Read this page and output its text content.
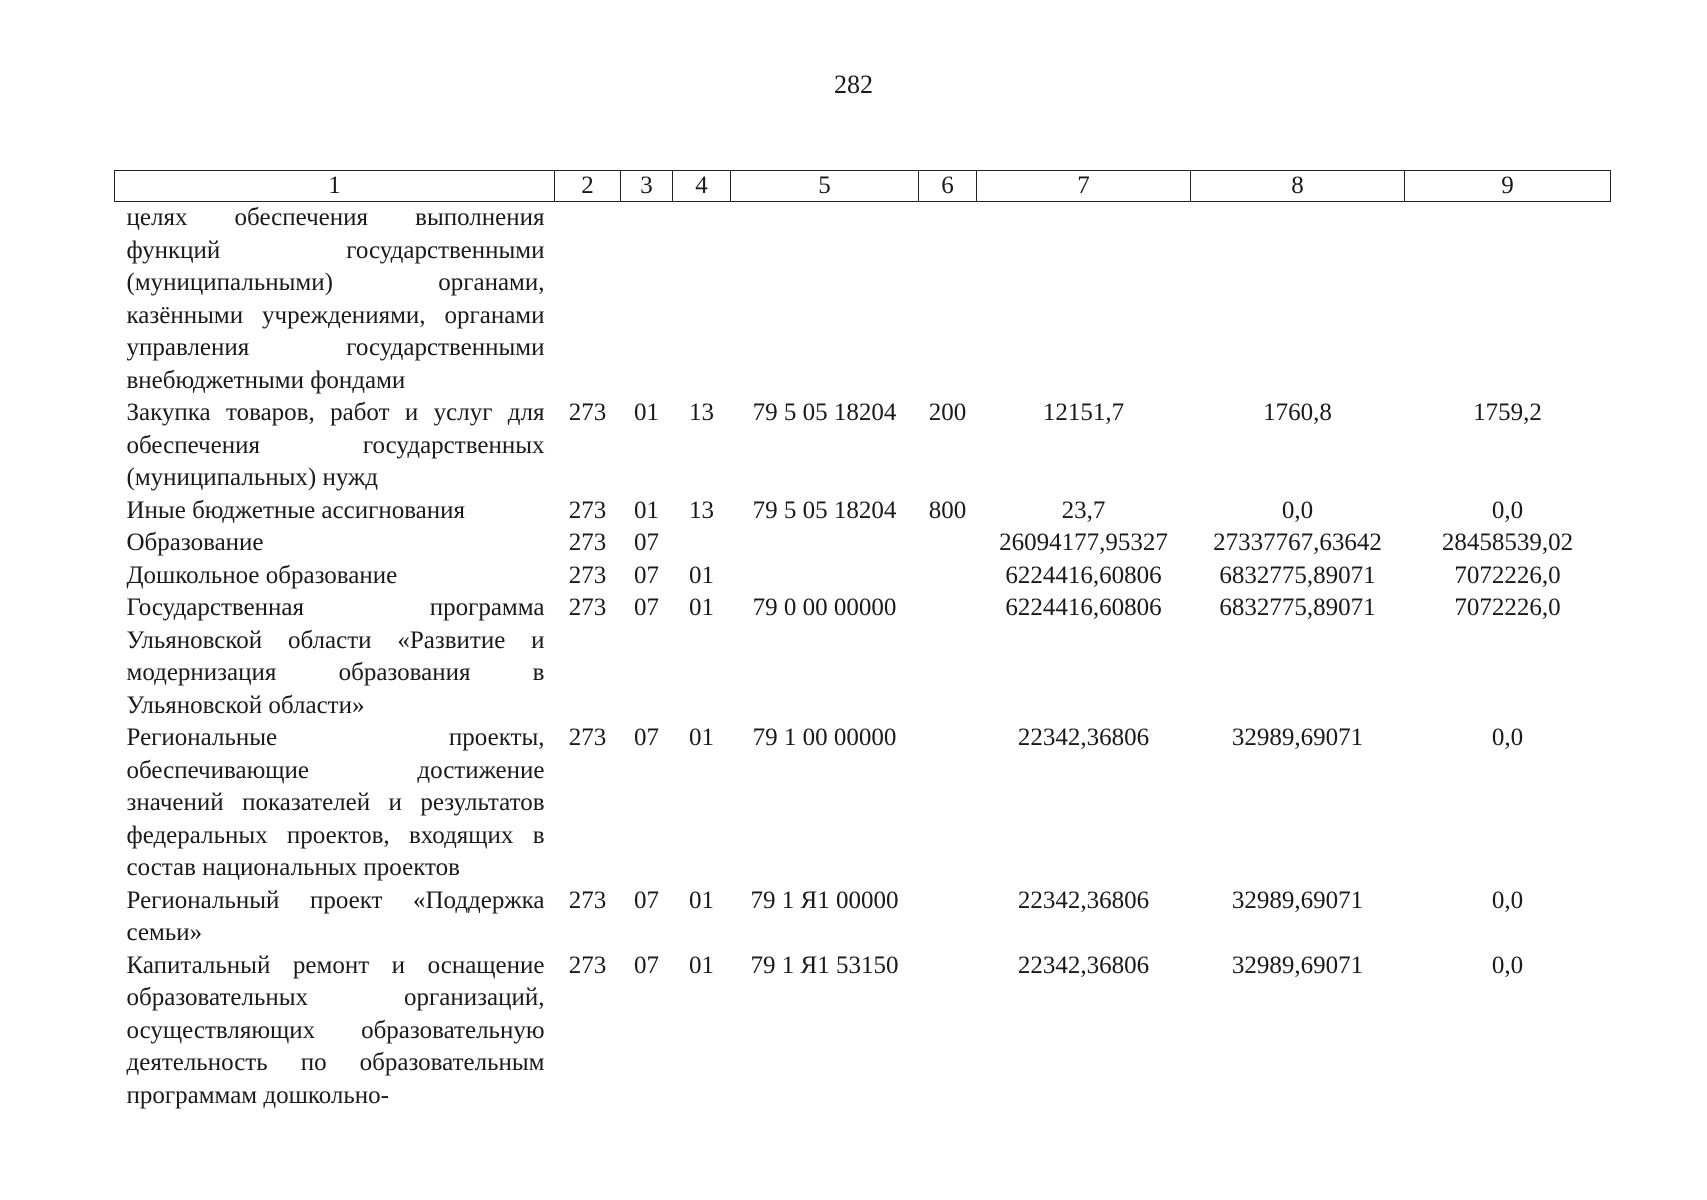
282
1	2	3	4	5	6	7	8	9
целях обеспечения выполнения функций государственными (муниципальными) органами, казёнными учреждениями, органами управления государственными внебюджетными фондами								
Закупка товаров, работ и услуг для обеспечения государственных (муниципальных) нужд	273	01	13	79 5 05 18204	200	12151,7	1760,8	1759,2
Иные бюджетные ассигнования	273	01	13	79 5 05 18204	800	23,7	0,0	0,0
Образование	273	07				26094177,95327	27337767,63642	28458539,02
Дошкольное образование	273	07	01			6224416,60806	6832775,89071	7072226,0
Государственная программа Ульяновской области «Развитие и модернизация образования в Ульяновской области»	273	07	01	79 0 00 00000		6224416,60806	6832775,89071	7072226,0
Региональные проекты, обеспечивающие достижение значений показателей и результатов федеральных проектов, входящих в состав национальных проектов	273	07	01	79 1 00 00000		22342,36806	32989,69071	0,0
Региональный проект «Поддержка семьи»	273	07	01	79 1 Я1 00000		22342,36806	32989,69071	0,0
Капитальный ремонт и оснащение образовательных организаций, осуществляющих образовательную деятельность по образовательным программам дошкольно-	273	07	01	79 1 Я1 53150		22342,36806	32989,69071	0,0
